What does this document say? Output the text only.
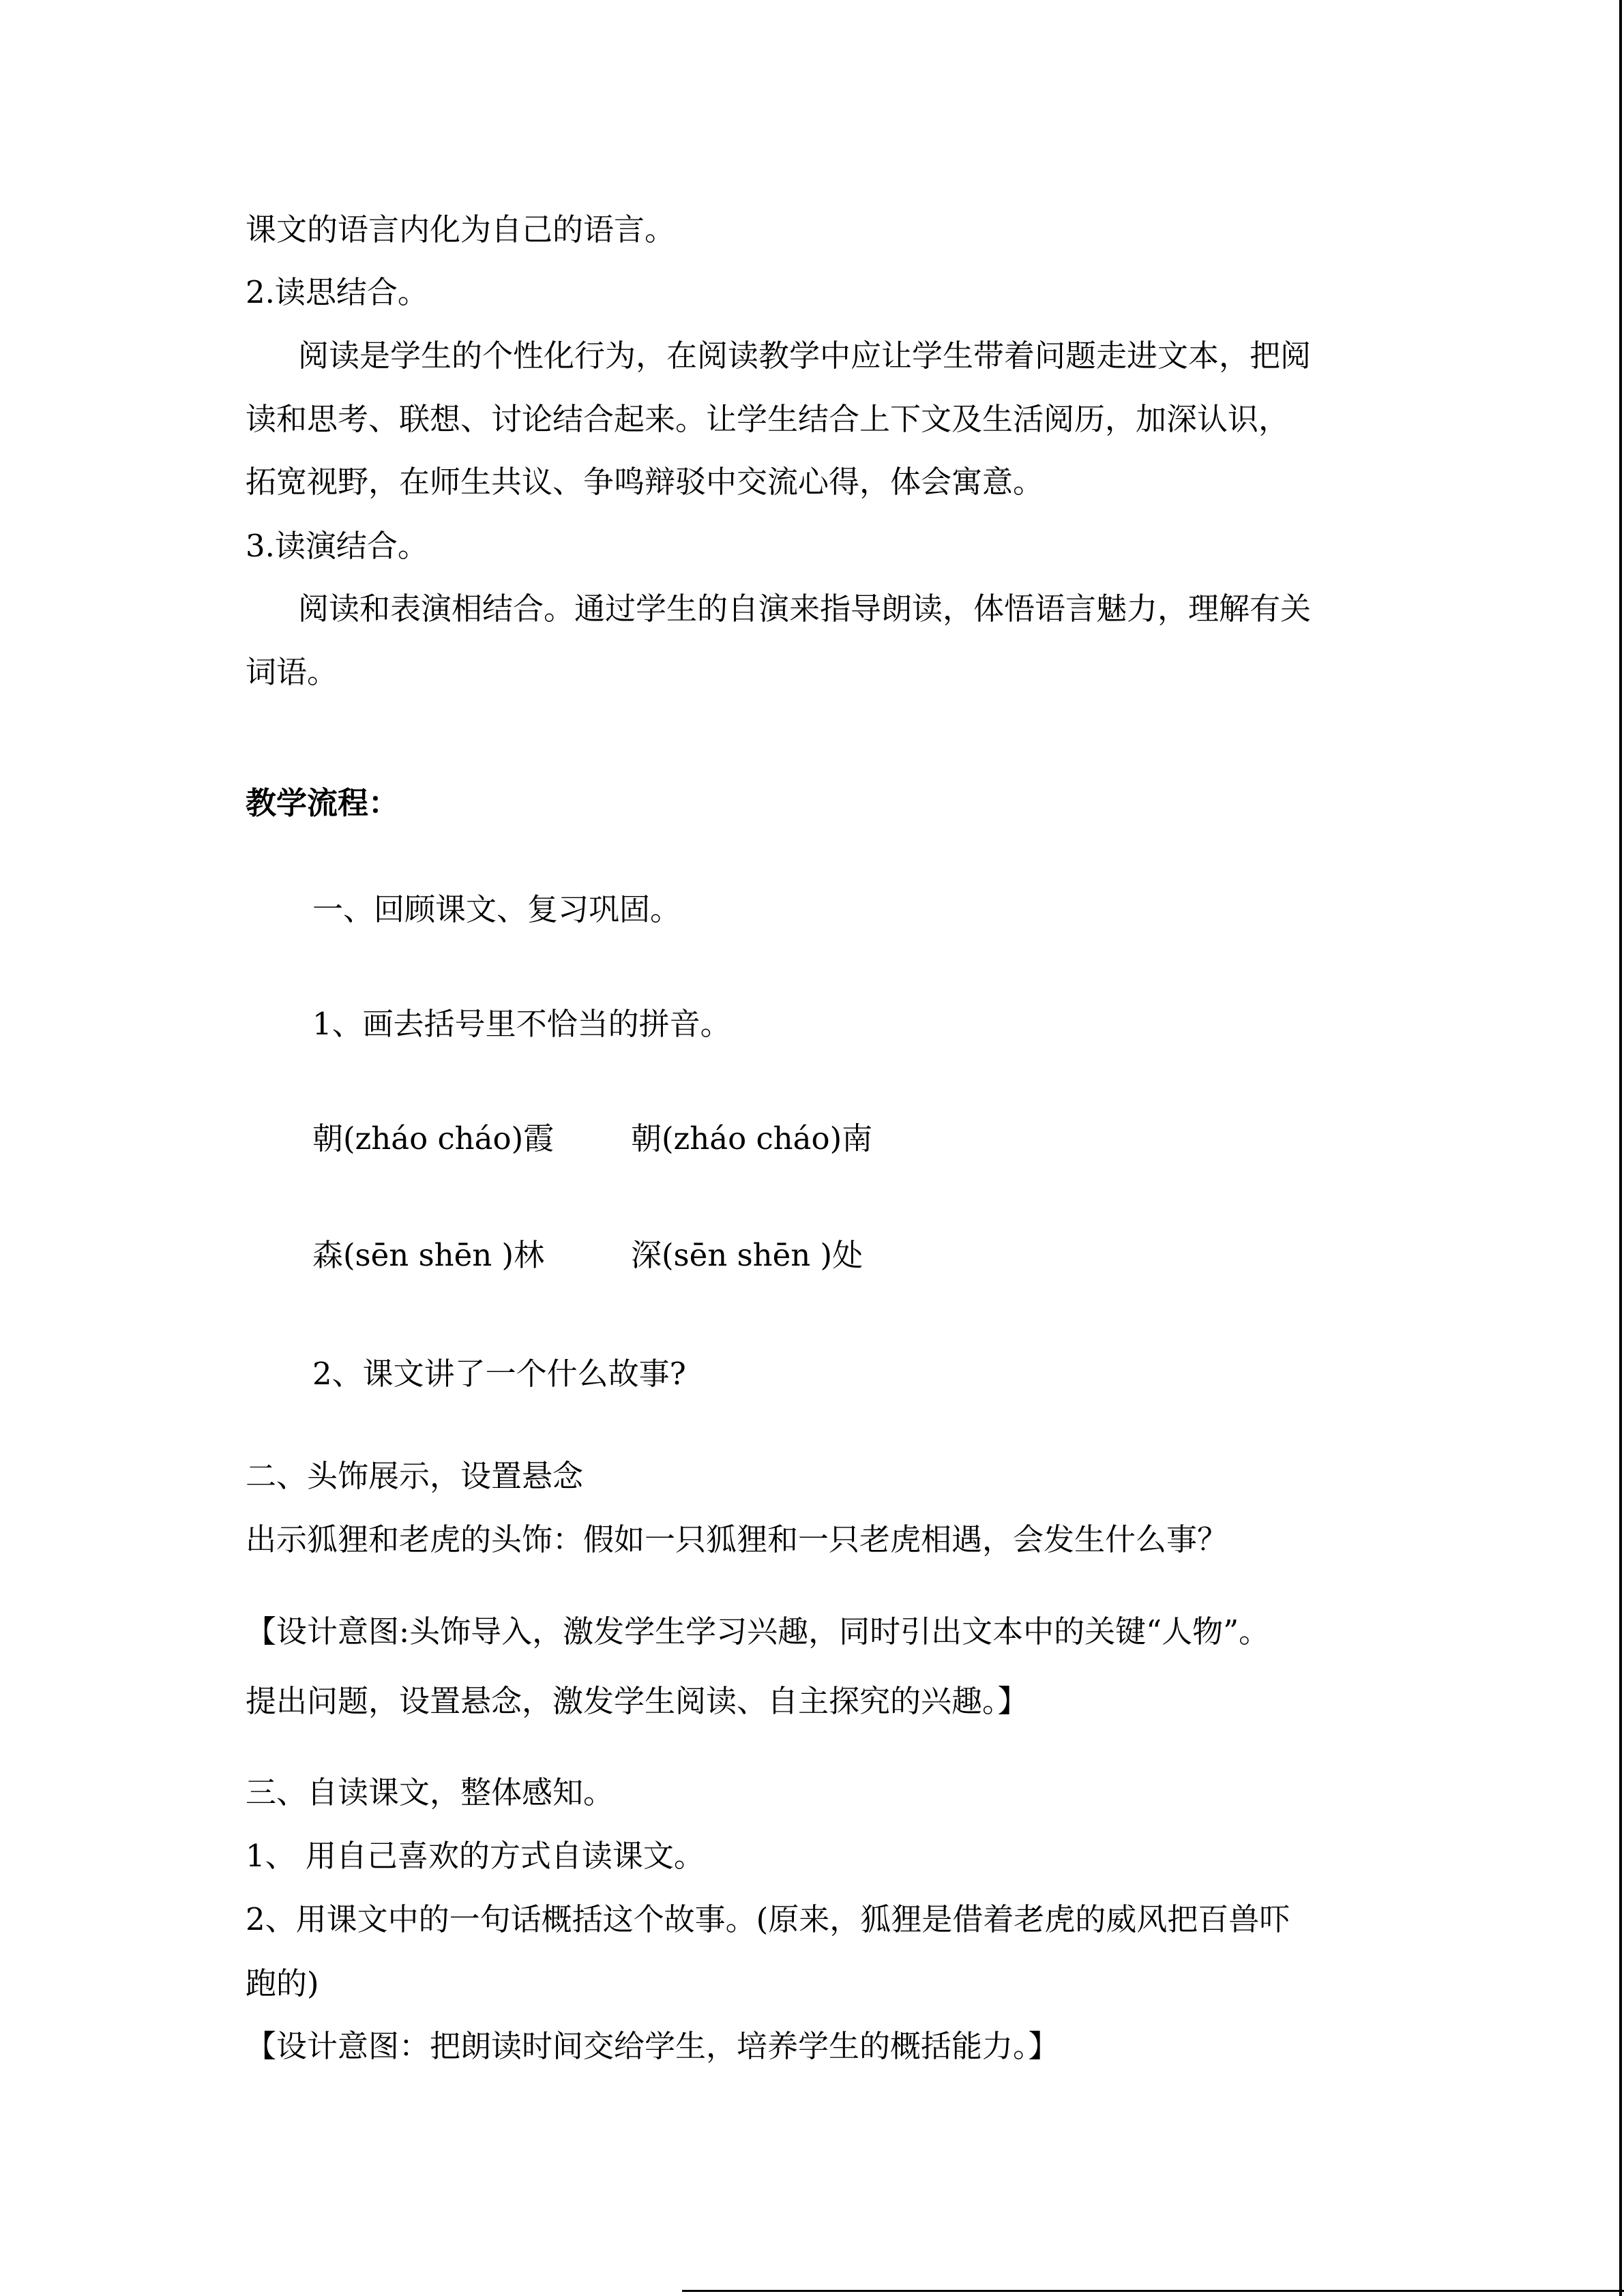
课文的语言内化为自己的语言。
2.读思结合。
阅读是学生的个性化行为，在阅读教学中应让学生带着问题走进文本，把阅
读和思考、联想、讨论结合起来。让学生结合上下文及生活阅历，加深认识，
拓宽视野，在师生共议、争鸣辩驳中交流心得，体会寓意。
3.读演结合。
阅读和表演相结合。通过学生的自演来指导朗读，体悟语言魅力，理解有关
词语。
教学流程：
一、回顾课文、复习巩固。
1、画去括号里不恰当的拼音。
朝(zháo cháo)霞	朝(zháo cháo)南
森(sēn shēn )林	深(sēn shēn )处
2、课文讲了一个什么故事?
二、头饰展示，设置悬念
出示狐狸和老虎的头饰：假如一只狐狸和一只老虎相遇，会发生什么事？
【设计意图:头饰导入，激发学生学习兴趣，同时引出文本中的关键“人物”。
提出问题，设置悬念，激发学生阅读、自主探究的兴趣。】
三、自读课文，整体感知。
1、 用自己喜欢的方式自读课文。
2、用课文中的一句话概括这个故事。(原来，狐狸是借着老虎的威风把百兽吓
跑的)
【设计意图：把朗读时间交给学生，培养学生的概括能力。】
